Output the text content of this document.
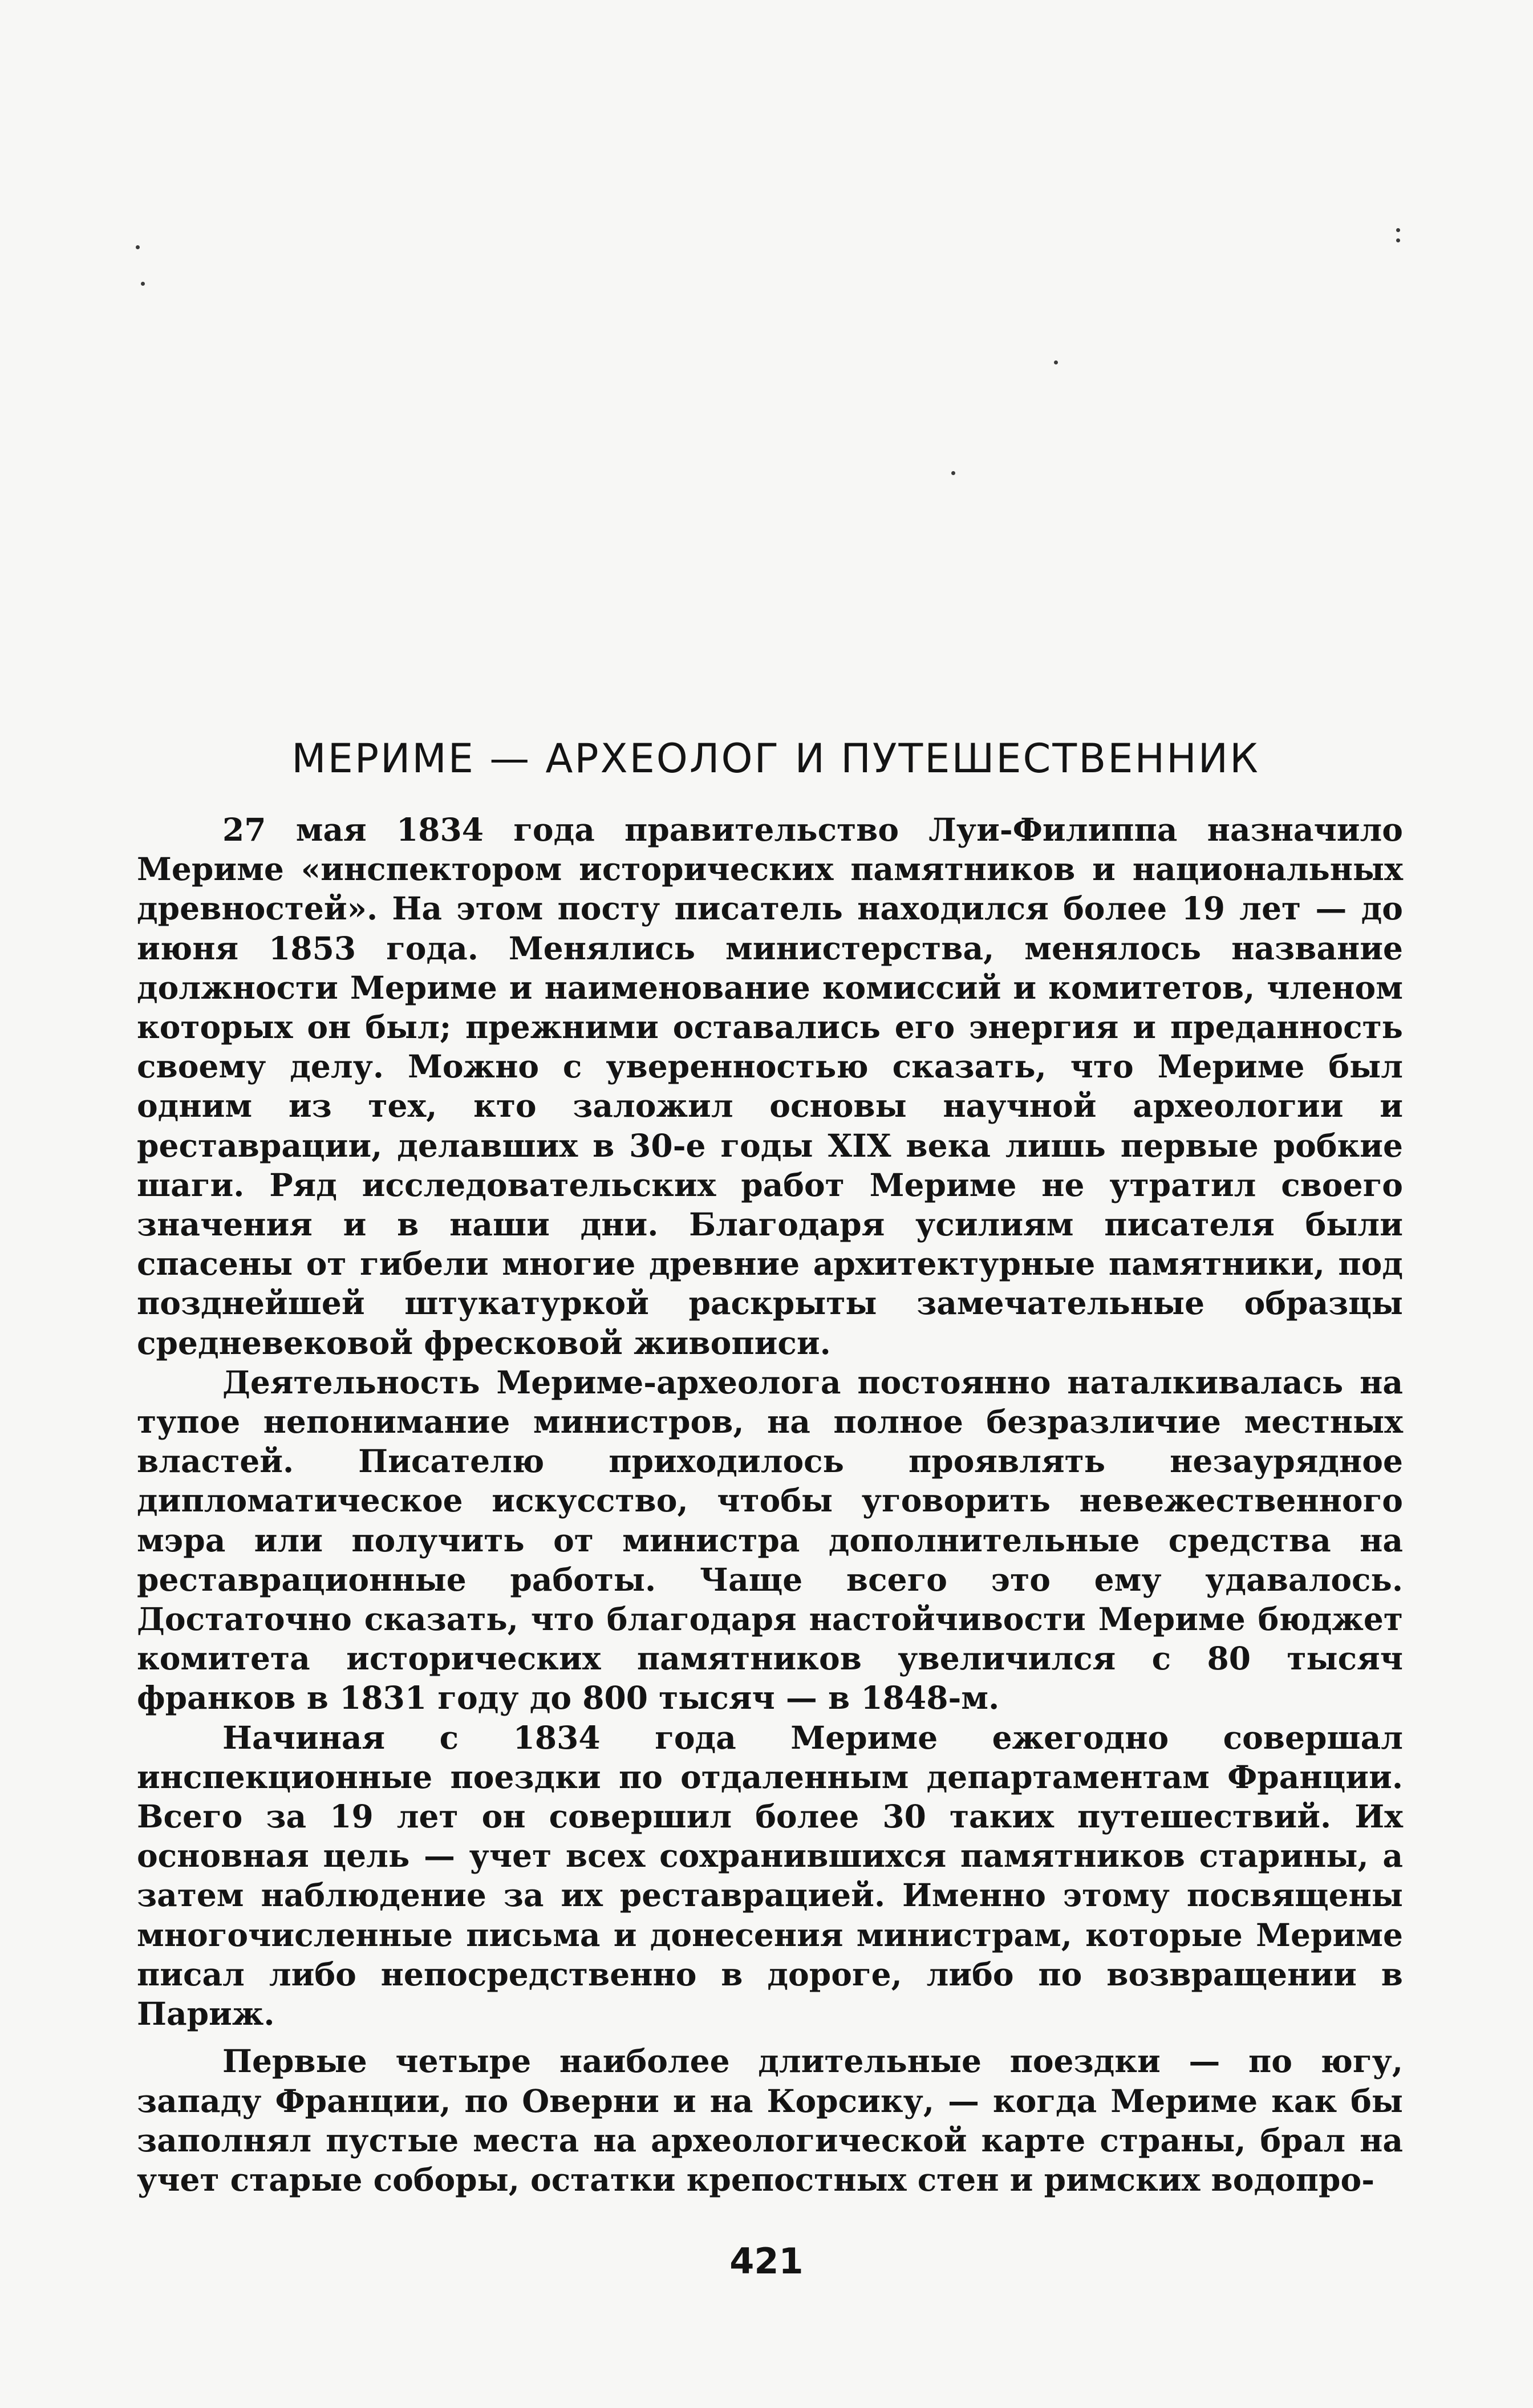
МЕРИМЕ — АРХЕОЛОГ И ПУТЕШЕСТВЕННИК

27 мая 1834 года правительство Луи-Филиппа назначило Мериме «инспектором исторических памятников и национальных древностей». На этом посту писатель находился более 19 лет — до июня 1853 года. Менялись министерства, менялось название должности Мериме и наименование комиссий и комитетов, членом которых он был; прежними оставались его энергия и преданность своему делу. Можно с уверенностью сказать, что Мериме был одним из тех, кто заложил основы научной археологии и реставрации, делавших в 30-е годы XIX века лишь первые робкие шаги. Ряд исследовательских работ Мериме не утратил своего значения и в наши дни. Благодаря усилиям писателя были спасены от гибели многие древние архитектурные памятники, под позднейшей штукатуркой раскрыты замечательные образцы средневековой фресковой живописи.

Деятельность Мериме-археолога постоянно наталкивалась на тупое непонимание министров, на полное безразличие местных властей. Писателю приходилось проявлять незаурядное дипломатическое искусство, чтобы уговорить невежественного мэра или получить от министра дополнительные средства на реставрационные работы. Чаще всего это ему удавалось. Достаточно сказать, что благодаря настойчивости Мериме бюджет комитета исторических памятников увеличился с 80 тысяч франков в 1831 году до 800 тысяч — в 1848-м.

Начиная с 1834 года Мериме ежегодно совершал инспекционные поездки по отдаленным департаментам Франции. Всего за 19 лет он совершил более 30 таких путешествий. Их основная цель — учет всех сохранившихся памятников старины, а затем наблюдение за их реставрацией. Именно этому посвящены многочисленные письма и донесения министрам, которые Мериме писал либо непосредственно в дороге, либо по возвращении в Париж.

Первые четыре наиболее длительные поездки — по югу, западу Франции, по Оверни и на Корсику, — когда Мериме как бы заполнял пустые места на археологической карте страны, брал на учет старые соборы, остатки крепостных стен и римских водопро-

421
